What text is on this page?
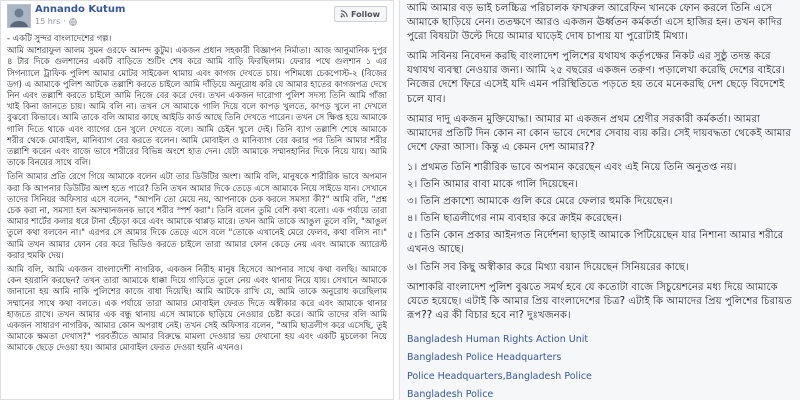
Annando Kutum
15 hrs ·
Follow

- একটি সুন্দর বাংলাদেশের গল্প।

আমি আশরাফুল আলম সুমন ওরফে আনন্দ কুটুম। একজন প্রধান সহকারী বিজ্ঞাপন নির্মাতা। আজ আনুমানিক দুপুর ৪ টার দিকে গুলশানের একটি বাড়িতে শুটিং শেষ করে আমি বাড়ি ফিরছিলাম। ফেরার পথে গুলশান ১ এর সিগন্যালে ট্রাফিক পুলিশ আমার মোটর সাইকেল থামায় এবং কাগজ দেখতে চায়। পশিমধ্যে চেকপোস্ট-২ (বিজের ডগ) এ আমাকে পুলিশ আটকে তল্লাশি করতে চাইলে আমি দাঁড়িয়ে অনুরোধ করি যে আমার হাতের কাগজপত্র দেখে নিন এবং তল্লাশি করতে চাইলে আমি নিজে বের করে দেব। তখন একজন দারোগা পুলিশ সদস্য তিনি আমি গাঁজা খাই কিনা জানতে চায়। আমি বলি না। তখন সে আমাকে গালি দিয়ে বলে কাপড় খুলতে, কাপড় খুলে না দেখলে বুঝবো কিভাবে। আমি তাকে বলি আমার কাছে আইডি কার্ড আছে তিনি দেখতে পারেন। তখন সে ক্ষিপ্ত হয়ে আমাকে গালি দিতে থাকে এবং ব্যাগের চেন খুলে দেখতে বলে। আমি চেইন খুলে দেই। তিনি ব্যাগ তল্লাশি শেষে আমাকে শরীর থেকে মোবাইল, মানিব্যাগ বের করতে বলেন। আমি মোবাইল ও মানিব্যাগ বের করার পর তিনি আমার শরীর তল্লাশি করেন এবং বাজে ভাবে শরীরের বিভিন্ন অংশে হাত দেন। যেটা আমাকে সম্মানহানির দিকে নিয়ে যায়। আমি তাকে বিনয়ের সাথে বলি।

তিনি আমার প্রতি রেগে গিয়ে আমাকে বলেন এটা তার ডিউটির অংশ। আমি বলি, মানুষকে শারীরিক ভাবে অপমান করা কি আপনার ডিউটির অংশ হতে পারে? তিনি তখন আমার দিকে তেড়ে এসে আমাকে নিয়ে সাইডে যান। সেখানে তাদের সিনিয়র অফিসার এসে বলেন, "আপনি তো মেয়ে নয়, আপনাকে চেক করলে সমস্যা কী?" আমি বলি, "প্রশ্ন চেক করা না, সমস্যা হল অসম্মানজনক ভাবে শরীর স্পর্শ করা"। তিনি বলেন তুমি বেশি কথা বলো। এক পর্যায়ে তারা আমার শার্টের কলার ধরে টানা হেঁচড়া করে এবং আমাকে থাপ্পড় মারে। তখন আমি তাকে আঙুল তুলে বলি, "আঙুল তুলে কথা বলবেন না।" এরপর সে আমার দিকে তেড়ে এসে বলে "তোকে এখানেই মেরে ফেলব, কথা বলিস না।" আমি তখন আমার ফোন বের করে ভিডিও করতে চাইলে তারা আমার ফোন কেড়ে নেয় এবং আমাকে অ্যারেস্ট করার হুমকি দেয়।

আমি বলি, আমি একজন বাংলাদেশী নাগরিক, একজন নিরীহ মানুষ হিসেবে আপনার সাথে কথা বলছি। আমাকে কেন হয়রানি করছেন? তখন তারা আমাকে ধাক্কা দিয়ে গাড়িতে তুলে নেয় এবং থানায় নিয়ে যায়। সেখানে আমাকে জানানো হয় আমি নাকি পুলিশের কাজে বাধা দিয়েছি। আমি আটকে রাখি যে, আমি তাকে অনুরোধ করেছিলাম সম্মানের সাথে কথা বলতে। এক পর্যায়ে তারা আমার মোবাইল ফেরত দিতে অস্বীকার করে এবং আমাকে থানার হাজতে রাখে। তখন আমার এক বন্ধু থানায় এসে আমাকে ছাড়িয়ে নেওয়ার চেষ্টা করে। আমি তাদের বলি আমি একজন সাধারণ নাগরিক, আমার কোন অপরাধ নেই। তখন সেই অফিসার বলেন, "আমি ছাত্রলীগ করে এসেছি, তুই আমাকে ক্ষমতা দেখাস?" পরবর্তীতে আমার বিরুদ্ধে মামলা দেওয়ার ভয় দেখানো হয় এবং একটি মুচলেকা নিয়ে আমাকে ছেড়ে দেওয়া হয়। আমার মোবাইল ফেরত দেওয়া হয়নি এখনও।

আমি আমার বড় ভাই চলচ্চিত্র পরিচালক ফাখরুল আরেফিন খানকে ফোন করলে তিনি এসে আমাকে ছাড়িয়ে নেন। ততক্ষণে আরও একজন ঊর্ধ্বতন কর্মকর্তা এসে হাজির হন। তখন কাদির পুরো বিষয়টা উল্টে দিয়ে আমার ঘাড়েই দোষ চাপায় যা পুরোটাই মিথ্যা।

আমি সবিনয় নিবেদন করছি বাংলাদেশ পুলিশের যথাযথ কর্তৃপক্ষের নিকট এর সুষ্ঠু তদন্ত করে যথাযথ ব্যবস্থা নেওয়ার জন্য। আমি ২৫ বছরের একজন তরুণ। পড়ালেখা করেছি দেশের বাইরে। নিজের দেশে ফিরে এসেই যদি এমন পরিস্থিতিতে পড়তে হয় তবে মনেকরছি দেশ ছেড়ে বিদেশেই চলে যাব।

আমার দাদু একজন মুক্তিযোদ্ধা। আমার মা একজন প্রথম শ্রেণীর সরকারী কর্মকর্তা। আমরা আমাদের প্রতিটি দিন কোন না কোন ভাবে দেশের সেবায় ব্যয় করি। সেই দায়বদ্ধতা থেকেই আমার দেশে ফেরা আসা। কিন্তু এ কেমন দেশ আমার??

১। প্রথমত তিনি শারীরিক ভাবে অপমান করেছেন এবং এই নিয়ে তিনি অনুতপ্ত নয়।
২। তিনি আমার বাবা মাকে গালি দিয়েছেন।
৩। তিনি প্রকাশ্যে আমাকে গুলি করে মেরে ফেলার হুমকি দিয়েছেন।
৪। তিনি ছাত্রলীগের নাম ব্যবহার করে ক্রাইম করেছেন।
৫। তিনি কোন প্রকার আইনগত নির্দেশনা ছাড়াই আমাকে পিটিয়েছেন যার নিশানা আমার শরীরে এখনও আছে।
৬। তিনি সব কিছু অস্বীকার করে মিথ্যা বয়ান দিয়েছেন সিনিয়রের কাছে।

আশাকরি বাংলাদেশ পুলিশ বুঝতে সমর্থ হবে যে কতোটা বাজে সিচুয়েশনের মধ্য দিয়ে আমাকে যেতে হয়েছে। এটাই কি আমার প্রিয় বাংলাদেশের চিত্র? এটাই কি আমাদের প্রিয় পুলিশের চিরায়ত রূপ?? এর কী বিচার হবে না? দুঃখজনক।

Bangladesh Human Rights Action Unit
Bangladesh Police Headquarters
Police Headquarters,Bangladesh Police
Bangladesh Police
